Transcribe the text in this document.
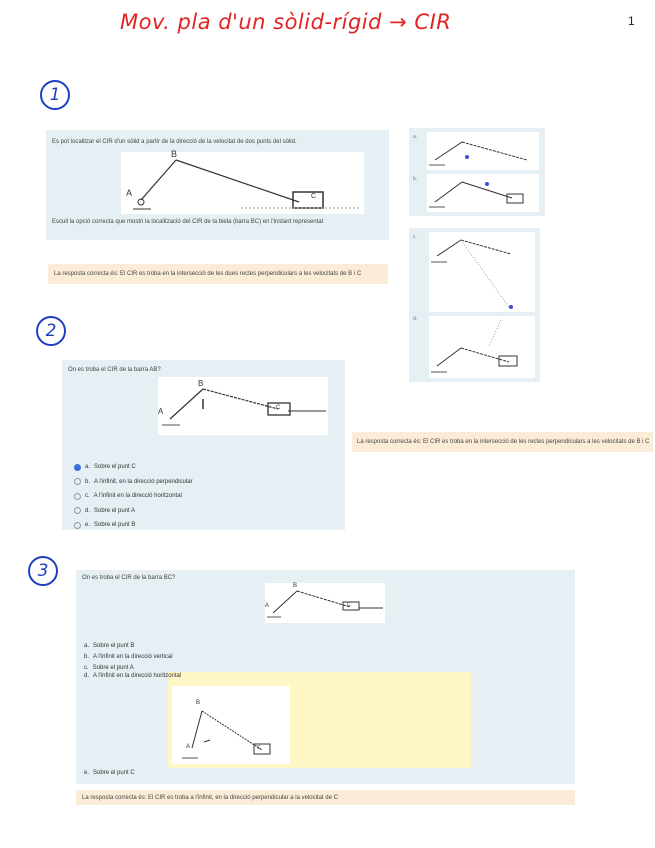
Mov. pla d'un sòlid-rígid → CIR	1
1
Es pot localitzar el CIR d'un sòlid a partir de la direcció de la velocitat de dos punts del sòlid.
A
B
C
Escull la opció correcta que mostri la localització del CIR de la biela (barra BC) en l'instant representat
La resposta correcta és: El CIR es troba en la intersecció de les dues rectes perpendiculars a les velocitats de B i C
a.
b.
c.
d.
2
On es troba el CIR de la barra AB?
A
B
C
a. Sobre el punt C
b. A l'infinit, en la direcció perpendicular
c. A l'infinit en la direcció horitzontal
d. Sobre el punt A
e. Sobre el punt B
La resposta correcta és: El CIR es troba en la intersecció de les rectes perpendiculars a les velocitats de B i C
3	On es troba el CIR de la barra BC?
A
B
C
a. Sobre el punt B
b. A l'infinit en la direcció vertical
c. Sobre el punt A
d. A l'infinit en la direcció horitzontal
A
B
C
e. Sobre el punt C
La resposta correcta és: El CIR es troba a l'infinit, en la direcció perpendicular a la velocitat de C
